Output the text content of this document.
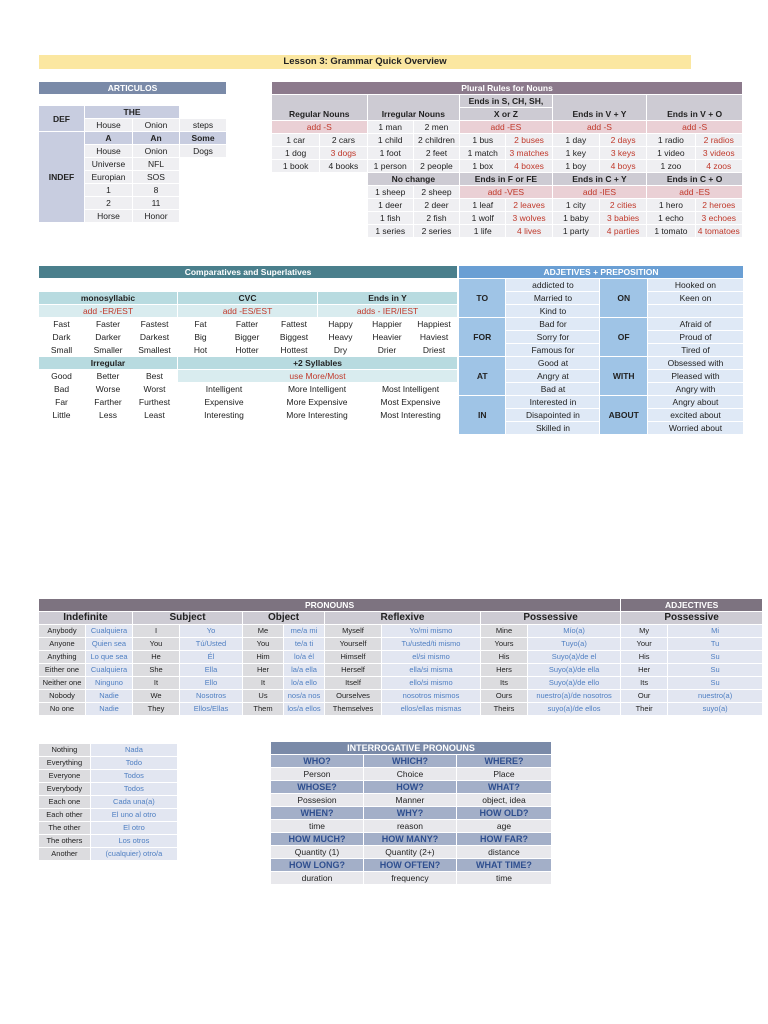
Lesson 3: Grammar Quick Overview
ARTICULOS			

DEF	THE		
	House	Onion	steps
INDEF	A	An	Some
	House	Onion	Dogs
	Universe	NFL	
	Europian	SOS	
	1	8	
	2	11	
	Horse	Honor	
Plural Rules for Nouns									
Regular Nouns		Irregular Nouns		Ends in S, CH, SH,		Ends in V + Y		Ends in V + O	
				X or Z					
add -S		1 man	2 men	add -ES		add -S		add -S	
1 car	2 cars	1 child	2 children	1 bus	2 buses	1 day	2 days	1 radio	2 radios
1 dog	3 dogs	1 foot	2 feet	1 match	3 matches	1 key	3 keys	1 video	3 videos
1 book	4 books	1 person	2 people	1 box	4 boxes	1 boy	4 boys	1 zoo	4 zoos
		No change		Ends in F or FE		Ends in C + Y		Ends in C + O	
		1 sheep	2 sheep	add -VES		add -IES		add -ES	
		1 deer	2 deer	1 leaf	2 leaves	1 city	2 cities	1 hero	2 heroes
		1 fish	2 fish	1 wolf	3 wolves	1 baby	3 babies	1 echo	3 echoes
		1 series	2 series	1 life	4 lives	1 party	4 parties	1 tomato	4 tomatoes
Comparatives and Superlatives								

monosyllabic			CVC			Ends in Y		
add -ER/EST			add -ES/EST			adds - IER/IEST		
Fast	Faster	Fastest	Fat	Fatter	Fattest	Happy	Happier	Happiest
Dark	Darker	Darkest	Big	Bigger	Biggest	Heavy	Heavier	Haviest
Small	Smaller	Smallest	Hot	Hotter	Hottest	Dry	Drier	Driest
Irregular			+2 Syllables					
Good	Better	Best	use More/Most					
Bad	Worse	Worst	Intelligent		More Intelligent		Most Intelligent	
Far	Farther	Furthest	Expensive		More Expensive		Most Expensive	
Little	Less	Least	Interesting		More Interesting		Most Interesting	
ADJETIVES + PREPOSITION			
TO	addicted to	ON	Hooked on
	Married to		Keen on
	Kind to		
FOR	Bad for	OF	Afraid of
	Sorry for		Proud of
	Famous for		Tired of
AT	Good at	WITH	Obsessed with
	Angry at		Pleased with
	Bad at		Angry with
IN	Interested in	ABOUT	Angry about
	Disapointed in		excited about
	Skilled in		Worried about
PRONOUNS										ADJECTIVES	
Indefinite		Subject		Object		Reflexive		Possessive		Possessive	
Anybody	Cualquiera	I	Yo	Me	me/a mi	Myself	Yo/mi mismo	Mine	Mío(a)	My	Mi
Anyone	Quien sea	You	Tú/Usted	You	te/a ti	Yourself	Tu/usted/ti mismo	Yours	Tuyo(a)	Your	Tu
Anything	Lo que sea	He	Él	Him	lo/a él	Himself	el/si mismo	His	Suyo(a)/de el	His	Su
Either one	Cualquiera	She	Ella	Her	la/a ella	Herself	ella/si misma	Hers	Suyo(a)/de ella	Her	Su
Neither one	Ninguno	It	Ello	It	lo/a ello	Itself	ello/si mismo	Its	Suyo(a)/de ello	Its	Su
Nobody	Nadie	We	Nosotros	Us	nos/a nos	Ourselves	nosotros mismos	Ours	nuestro(a)/de nosotros	Our	nuestro(a)
No one	Nadie	They	Ellos/Ellas	Them	los/a ellos	Themselves	ellos/ellas mismas	Theirs	suyo(a)/de ellos	Their	suyo(a)
Nothing	Nada
Everything	Todo
Everyone	Todos
Everybody	Todos
Each one	Cada una(a)
Each other	El uno al otro
The other	El otro
The others	Los otros
Another	(cualquier) otro/a
INTERROGATIVE PRONOUNS		
WHO?	WHICH?	WHERE?
Person	Choice	Place
WHOSE?	HOW?	WHAT?
Possesion	Manner	object, idea
WHEN?	WHY?	HOW OLD?
time	reason	age
HOW MUCH?	HOW MANY?	HOW FAR?
Quantity (1)	Quantity (2+)	distance
HOW LONG?	HOW OFTEN?	WHAT TIME?
duration	frequency	time
